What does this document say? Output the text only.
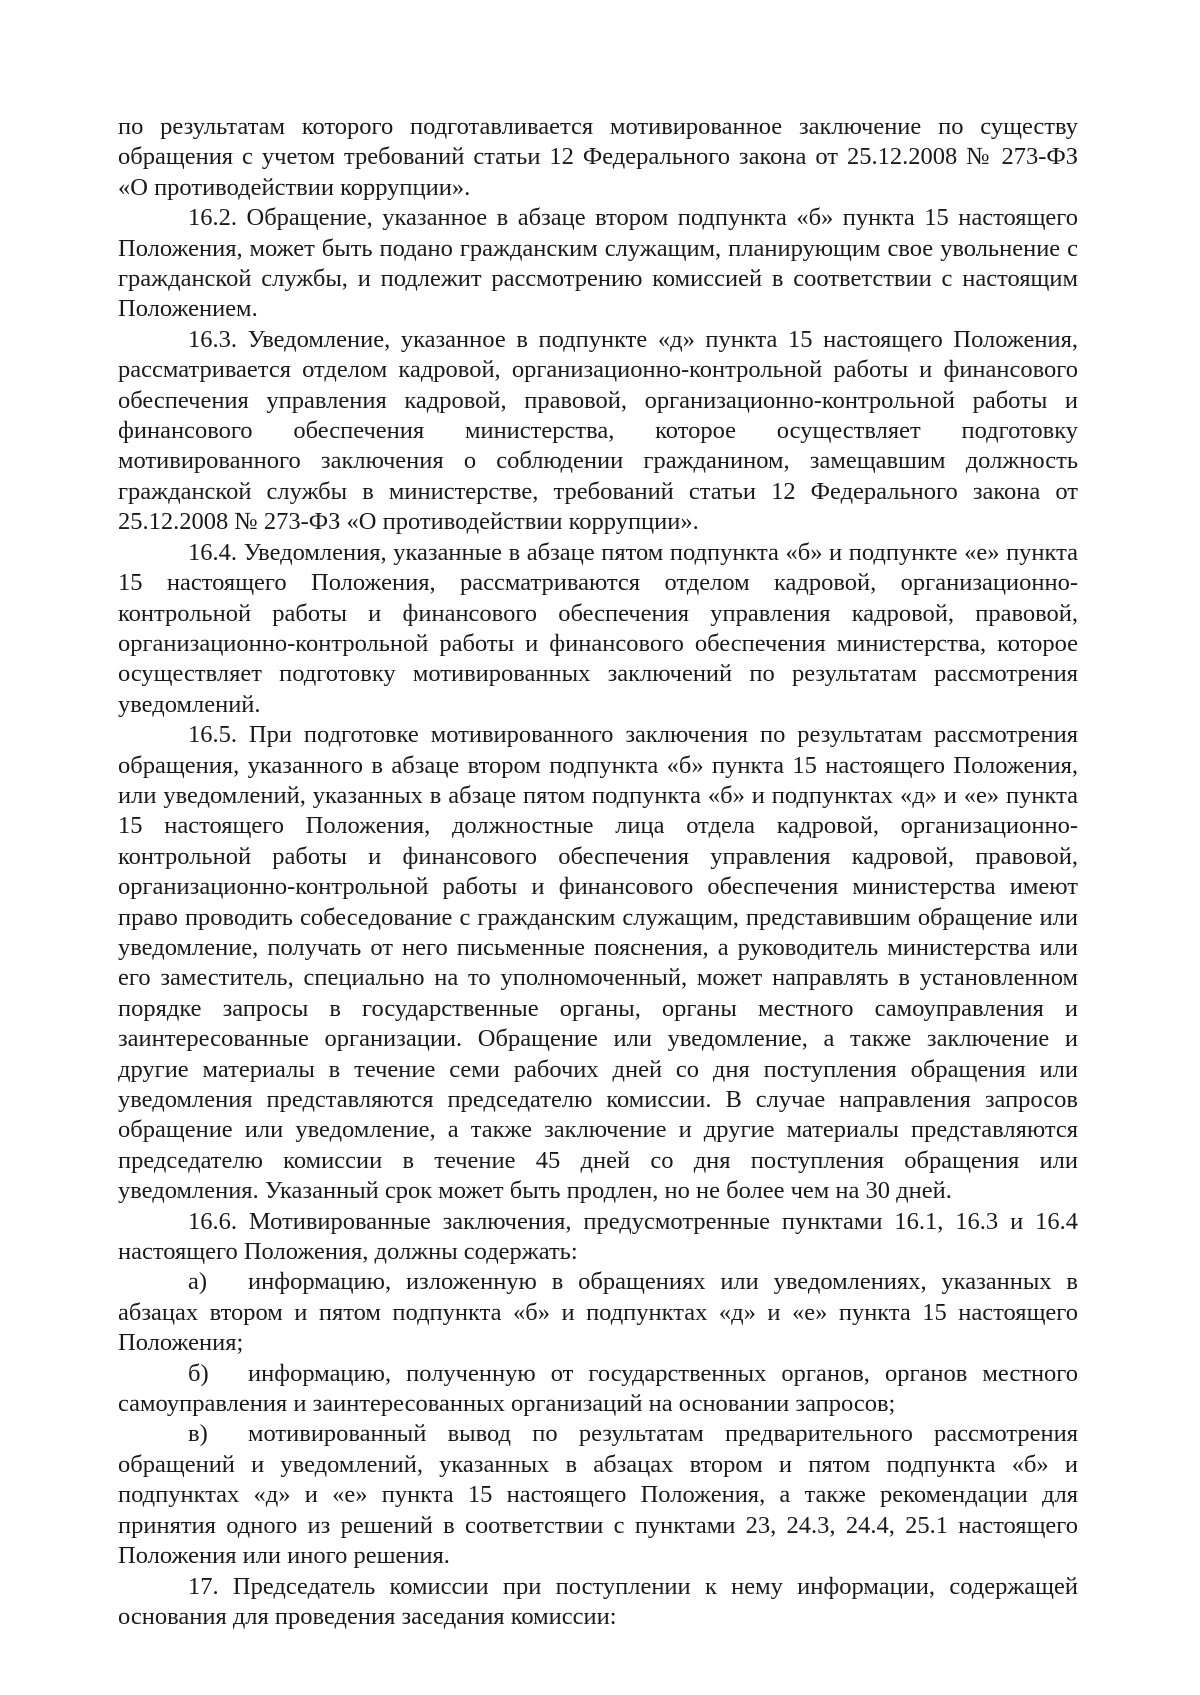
по результатам которого подготавливается мотивированное заключение по существу обращения с учетом требований статьи 12 Федерального закона от 25.12.2008 № 273-ФЗ «О противодействии коррупции».

16.2. Обращение, указанное в абзаце втором подпункта «б» пункта 15 настоящего Положения, может быть подано гражданским служащим, планирующим свое увольнение с гражданской службы, и подлежит рассмотрению комиссией в соответствии с настоящим Положением.

16.3. Уведомление, указанное в подпункте «д» пункта 15 настоящего Положения, рассматривается отделом кадровой, организационно-контрольной работы и финансового обеспечения управления кадровой, правовой, организационно-контрольной работы и финансового обеспечения министерства, которое осуществляет подготовку мотивированного заключения о соблюдении гражданином, замещавшим должность гражданской службы в министерстве, требований статьи 12 Федерального закона от 25.12.2008 № 273-ФЗ «О противодействии коррупции».

16.4. Уведомления, указанные в абзаце пятом подпункта «б» и подпункте «е» пункта 15 настоящего Положения, рассматриваются отделом кадровой, организационно-контрольной работы и финансового обеспечения управления кадровой, правовой, организационно-контрольной работы и финансового обеспечения министерства, которое осуществляет подготовку мотивированных заключений по результатам рассмотрения уведомлений.

16.5. При подготовке мотивированного заключения по результатам рассмотрения обращения, указанного в абзаце втором подпункта «б» пункта 15 настоящего Положения, или уведомлений, указанных в абзаце пятом подпункта «б» и подпунктах «д» и «е» пункта 15 настоящего Положения, должностные лица отдела кадровой, организационно-контрольной работы и финансового обеспечения управления кадровой, правовой, организационно-контрольной работы и финансового обеспечения министерства имеют право проводить собеседование с гражданским служащим, представившим обращение или уведомление, получать от него письменные пояснения, а руководитель министерства или его заместитель, специально на то уполномоченный, может направлять в установленном порядке запросы в государственные органы, органы местного самоуправления и заинтересованные организации. Обращение или уведомление, а также заключение и другие материалы в течение семи рабочих дней со дня поступления обращения или уведомления представляются председателю комиссии. В случае направления запросов обращение или уведомление, а также заключение и другие материалы представляются председателю комиссии в течение 45 дней со дня поступления обращения или уведомления. Указанный срок может быть продлен, но не более чем на 30 дней.

16.6. Мотивированные заключения, предусмотренные пунктами 16.1, 16.3 и 16.4 настоящего Положения, должны содержать:

а) информацию, изложенную в обращениях или уведомлениях, указанных в абзацах втором и пятом подпункта «б» и подпунктах «д» и «е» пункта 15 настоящего Положения;

б) информацию, полученную от государственных органов, органов местного самоуправления и заинтересованных организаций на основании запросов;

в) мотивированный вывод по результатам предварительного рассмотрения обращений и уведомлений, указанных в абзацах втором и пятом подпункта «б» и подпунктах «д» и «е» пункта 15 настоящего Положения, а также рекомендации для принятия одного из решений в соответствии с пунктами 23, 24.3, 24.4, 25.1 настоящего Положения или иного решения.

17. Председатель комиссии при поступлении к нему информации, содержащей основания для проведения заседания комиссии:
